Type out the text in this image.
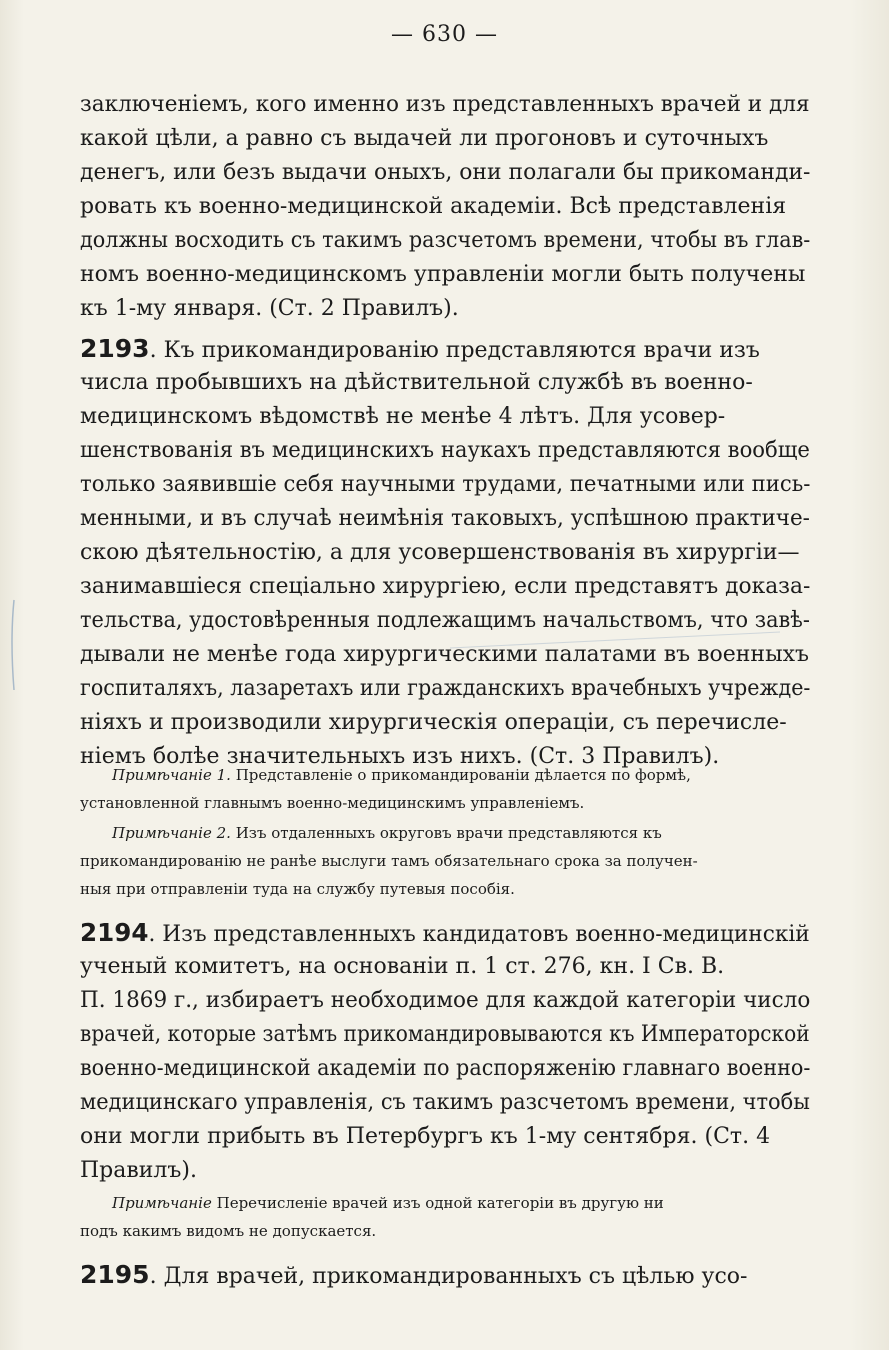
— 630 —
заключеніемъ, кого именно изъ представленныхъ врачей и для
какой цѣли, а равно съ выдачей ли прогоновъ и суточныхъ
денегъ, или безъ выдачи оныхъ, они полагали бы прикоманди-
ровать къ военно-медицинской академіи. Всѣ представленія
должны восходить съ такимъ разсчетомъ времени, чтобы въ глав-
номъ военно-медицинскомъ управленіи могли быть получены
къ 1-му января. (Ст. 2 Правилъ).
2193. Къ прикомандированію представляются врачи изъ
числа пробывшихъ на дѣйствительной службѣ въ военно-
медицинскомъ вѣдомствѣ не менѣе 4 лѣтъ. Для усовер-
шенствованія въ медицинскихъ наукахъ представляются вообще
только заявившіе себя научными трудами, печатными или пись-
менными, и въ случаѣ неимѣнія таковыхъ, успѣшною практиче-
скою дѣятельностію, а для усовершенствованія въ хирургіи—
занимавшіеся спеціально хирургіею, если представятъ доказа-
тельства, удостовѣренныя подлежащимъ начальствомъ, что завѣ-
дывали не менѣе года хирургическими палатами въ военныхъ
госпиталяхъ, лазаретахъ или гражданскихъ врачебныхъ учрежде-
ніяхъ и производили хирургическія операціи, съ перечисле-
ніемъ болѣе значительныхъ изъ нихъ. (Ст. 3 Правилъ).
Примѣчаніе 1. Представленіе о прикомандированіи дѣлается по формѣ,
установленной главнымъ военно-медицинскимъ управленіемъ.
Примѣчаніе 2. Изъ отдаленныхъ округовъ врачи представляются къ
прикомандированію не ранѣе выслуги тамъ обязательнаго срока за получен-
ныя при отправленіи туда на службу путевыя пособія.
2194. Изъ представленныхъ кандидатовъ военно-медицинскій
ученый комитетъ, на основаніи п. 1 ст. 276, кн. I Св. В.
П. 1869 г., избираетъ необходимое для каждой категоріи число
врачей, которые затѣмъ прикомандировываются къ Императорской
военно-медицинской академіи по распоряженію главнаго военно-
медицинскаго управленія, съ такимъ разсчетомъ времени, чтобы
они могли прибыть въ Петербургъ къ 1-му сентября. (Ст. 4
Правилъ).
Примѣчаніе Перечисленіе врачей изъ одной категоріи въ другую ни
подъ какимъ видомъ не допускается.
2195. Для врачей, прикомандированныхъ съ цѣлью усо-
